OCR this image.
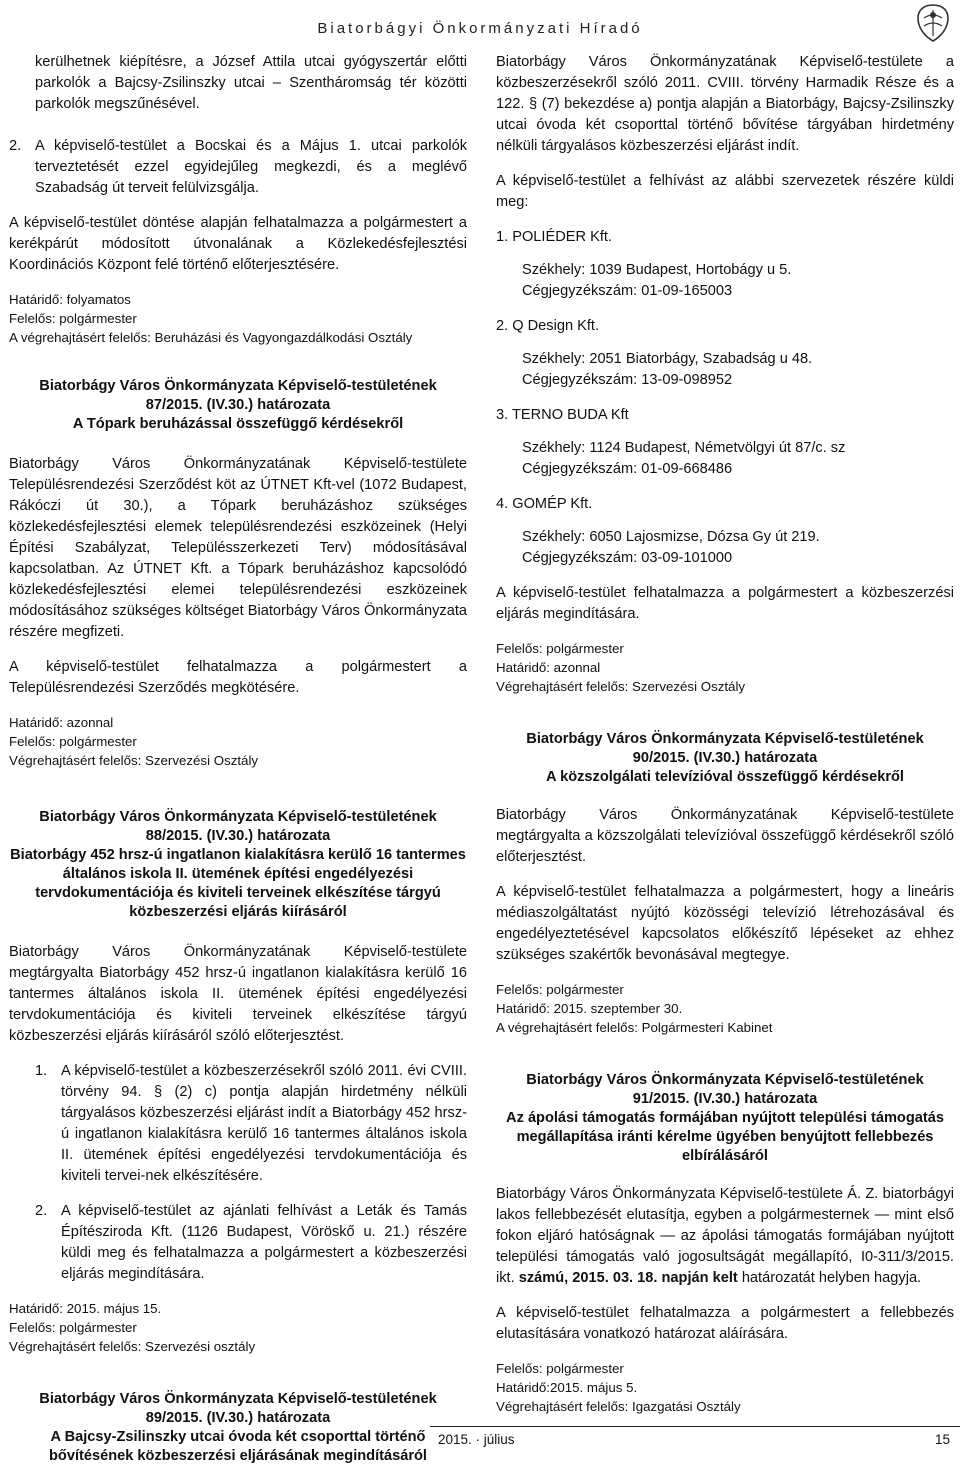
Biatorbágyi Önkormányzati Híradó

kerülhetnek kiépítésre, a József Attila utcai gyógyszertár előtti parkolók a Bajcsy-Zsilinszky utcai – Szentháromság tér közötti parkolók megszűnésével.

2. A képviselő-testület a Bocskai és a Május 1. utcai parkolók terveztetését ezzel egyidejűleg megkezdi, és a meglévő Szabadság út terveit felülvizsgálja.

A képviselő-testület döntése alapján felhatalmazza a polgármestert a kerékpárút módosított útvonalának a Közlekedésfejlesztési Koordinációs Központ felé történő előterjesztésére.

Határidő: folyamatos
Felelős: polgármester
A végrehajtásért felelős: Beruházási és Vagyongazdálkodási Osztály
Biatorbágy Város Önkormányzata Képviselő-testületének
87/2015. (IV.30.) határozata
A Tópark beruházással összefüggő kérdésekről

Biatorbágy Város Önkormányzatának Képviselő-testülete Településrendezési Szerződést köt az ÚTNET Kft-vel (1072 Budapest, Rákóczi út 30.), a Tópark beruházáshoz szükséges közlekedésfejlesztési elemek településrendezési eszközeinek (Helyi Építési Szabályzat, Településszerkezeti Terv) módosításával kapcsolatban. Az ÚTNET Kft. a Tópark beruházáshoz kapcsolódó közlekedésfejlesztési elemei településrendezési eszközeinek módosításához szükséges költséget Biatorbágy Város Önkormányzata részére megfizeti.

A képviselő-testület felhatalmazza a polgármestert a Településrendezési Szerződés megkötésére.

Határidő: azonnal
Felelős: polgármester
Végrehajtásért felelős: Szervezési Osztály
Biatorbágy Város Önkormányzata Képviselő-testületének
88/2015. (IV.30.) határozata
Biatorbágy 452 hrsz-ú ingatlanon kialakításra kerülő 16 tantermes általános iskola II. ütemének építési engedélyezési tervdokumentációja és kiviteli terveinek elkészítése tárgyú közbeszerzési eljárás kiírásáról

Biatorbágy Város Önkormányzatának Képviselő-testülete megtárgyalta Biatorbágy 452 hrsz-ú ingatlanon kialakításra kerülő 16 tantermes általános iskola II. ütemének építési engedélyezési tervdokumentációja és kiviteli terveinek elkészítése tárgyú közbeszerzési eljárás kiírásáról szóló előterjesztést.

1. A képviselő-testület a közbeszerzésekről szóló 2011. évi CVIII. törvény 94. § (2) c) pontja alapján hirdetmény nélküli tárgyalásos közbeszerzési eljárást indít a Biatorbágy 452 hrsz-ú ingatlanon kialakításra kerülő 16 tantermes általános iskola II. ütemének építési engedélyezési tervdokumentációja és kiviteli tervei-nek elkészítésére.
2. A képviselő-testület az ajánlati felhívást a Leták és Tamás Építésziroda Kft. (1126 Budapest, Vöröskő u. 21.) részére küldi meg és felhatalmazza a polgármestert a közbeszerzési eljárás megindítására.
Határidő: 2015. május 15.
Felelős: polgármester
Végrehajtásért felelős: Szervezési osztály
Biatorbágy Város Önkormányzata Képviselő-testületének
89/2015. (IV.30.) határozata
A Bajcsy-Zsilinszky utcai óvoda két csoporttal történő bővítésének közbeszerzési eljárásának megindításáról

Biatorbágy Város Önkormányzatának Képviselő-testülete a közbeszerzésekről szóló 2011. CVIII. törvény Harmadik Része és a 122. § (7) bekezdése a) pontja alapján a Biatorbágy, Bajcsy-Zsilinszky utcai óvoda két csoporttal történő bővítése tárgyában hirdetmény nélküli tárgyalásos közbeszerzési eljárást indít.

A képviselő-testület a felhívást az alábbi szervezetek részére küldi meg:

1. POLIÉDER Kft.
Székhely: 1039 Budapest, Hortobágy u 5.
Cégjegyzékszám: 01-09-165003
2. Q Design Kft.
Székhely: 2051 Biatorbágy, Szabadság u 48.
Cégjegyzékszám: 13-09-098952
3. TERNO BUDA Kft
Székhely: 1124 Budapest, Németvölgyi út 87/c. sz
Cégjegyzékszám: 01-09-668486
4. GOMÉP Kft.
Székhely: 6050 Lajosmizse, Dózsa Gy út 219.
Cégjegyzékszám: 03-09-101000

A képviselő-testület felhatalmazza a polgármestert a közbeszerzési eljárás megindítására.

Felelős: polgármester
Határidő: azonnal
Végrehajtásért felelős: Szervezési Osztály
Biatorbágy Város Önkormányzata Képviselő-testületének
90/2015. (IV.30.) határozata
A közszolgálati televízióval összefüggő kérdésekről

Biatorbágy Város Önkormányzatának Képviselő-testülete megtárgyalta a közszolgálati televízióval összefüggő kérdésekről szóló előterjesztést.

A képviselő-testület felhatalmazza a polgármestert, hogy a lineáris médiaszolgáltatást nyújtó közösségi televízió létrehozásával és engedélyeztetésével kapcsolatos előkészítő lépéseket az ehhez szükséges szakértők bevonásával megtegye.

Felelős: polgármester
Határidő: 2015. szeptember 30.
A végrehajtásért felelős: Polgármesteri Kabinet
Biatorbágy Város Önkormányzata Képviselő-testületének
91/2015. (IV.30.) határozata
Az ápolási támogatás formájában nyújtott települési támogatás megállapítása iránti kérelme ügyében benyújtott fellebbezés elbírálásáról

Biatorbágy Város Önkormányzata Képviselő-testülete Á. Z. biatorbágyi lakos fellebbezését elutasítja, egyben a polgármesternek — mint első fokon eljáró hatóságnak — az ápolási támogatás formájában nyújtott települési támogatás való jogosultságát megállapító, I0-311/3/2015. ikt. számú, 2015. 03. 18. napján kelt határozatát helyben hagyja.

A képviselő-testület felhatalmazza a polgármestert a fellebbezés elutasítására vonatkozó határozat aláírására.

Felelős: polgármester
Határidő:2015. május 5.
Végrehajtásért felelős: Igazgatási Osztály
2015. · július	15
